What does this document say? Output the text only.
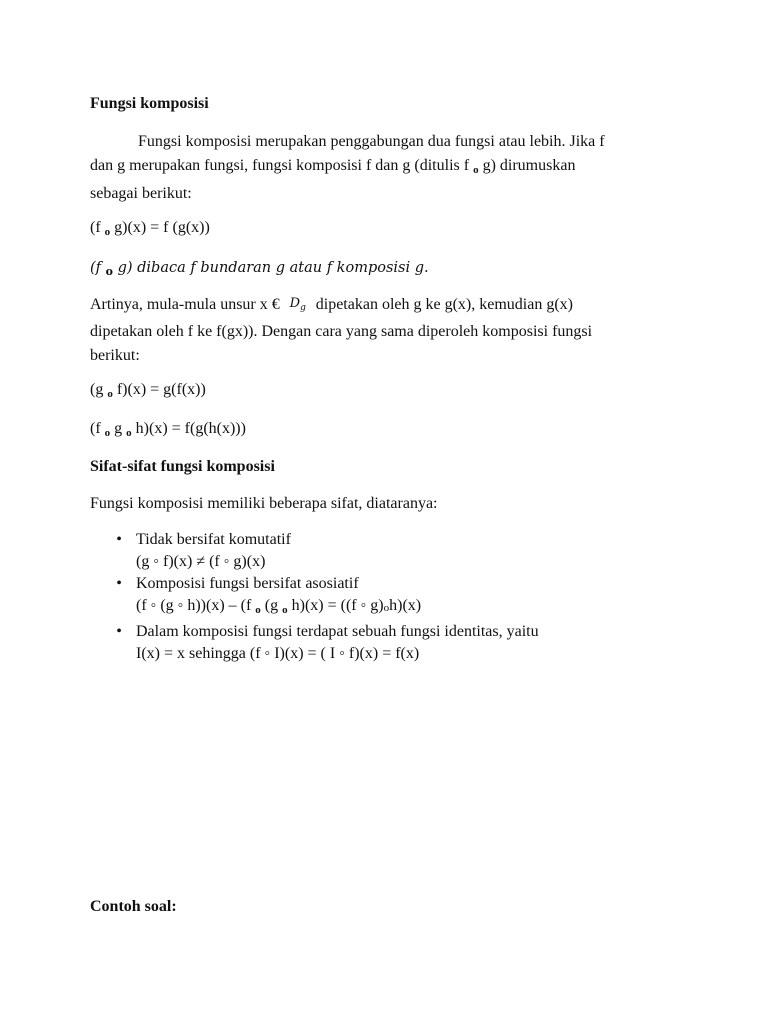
Fungsi komposisi

Fungsi komposisi merupakan penggabungan dua fungsi atau lebih. Jika f
dan g merupakan fungsi, fungsi komposisi f dan g (ditulis f $_o$ g) dirumuskan
sebagai berikut:

(f $_o$ g)(x) = f (g(x))
(f $_o$ g) dibaca f bundaran g atau f komposisi g.

Artinya, mula-mula unsur x € $D_g$ dipetakan oleh g ke g(x), kemudian g(x)
dipetakan oleh f ke f(gx)). Dengan cara yang sama diperoleh komposisi fungsi
berikut:

(g $_o$ f)(x) = g(f(x))
(f $_o$ g $_o$ h)(x) = f(g(h(x)))
Sifat-sifat fungsi komposisi
Fungsi komposisi memiliki beberapa sifat, diataranya:
• Tidak bersifat komutatif
(g ◦ f)(x) ≠ (f ◦ g)(x)
• Komposisi fungsi bersifat asosiatif
(f ◦ (g ◦ h))(x) – (f $_o$ (g $_o$ h)(x) = ((f ◦ g)oh)(x)
• Dalam komposisi fungsi terdapat sebuah fungsi identitas, yaitu
I(x) = x sehingga (f ◦ I)(x) = ( I ◦ f)(x) = f(x)
Contoh soal:
